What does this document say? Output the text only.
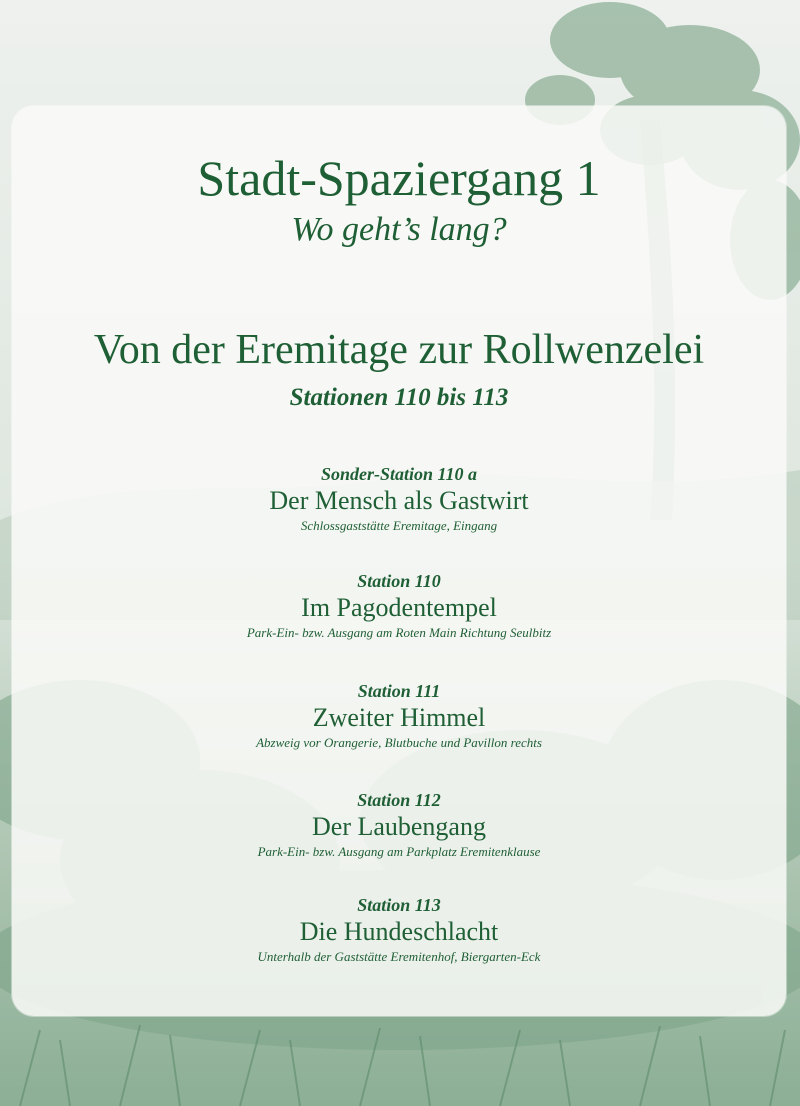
Stadt-Spaziergang 1
Wo geht’s lang?
Von der Eremitage zur Rollwenzelei
Stationen 110 bis 113
Sonder-Station 110 a
Der Mensch als Gastwirt
Schlossgaststätte Eremitage, Eingang
Station 110
Im Pagodentempel
Park-Ein- bzw. Ausgang am Roten Main Richtung Seulbitz
Station 111
Zweiter Himmel
Abzweig vor Orangerie, Blutbuche und Pavillon rechts
Station 112
Der Laubengang
Park-Ein- bzw. Ausgang am Parkplatz Eremitenklause
Station 113
Die Hundeschlacht
Unterhalb der Gaststätte Eremitenhof, Biergarten-Eck
